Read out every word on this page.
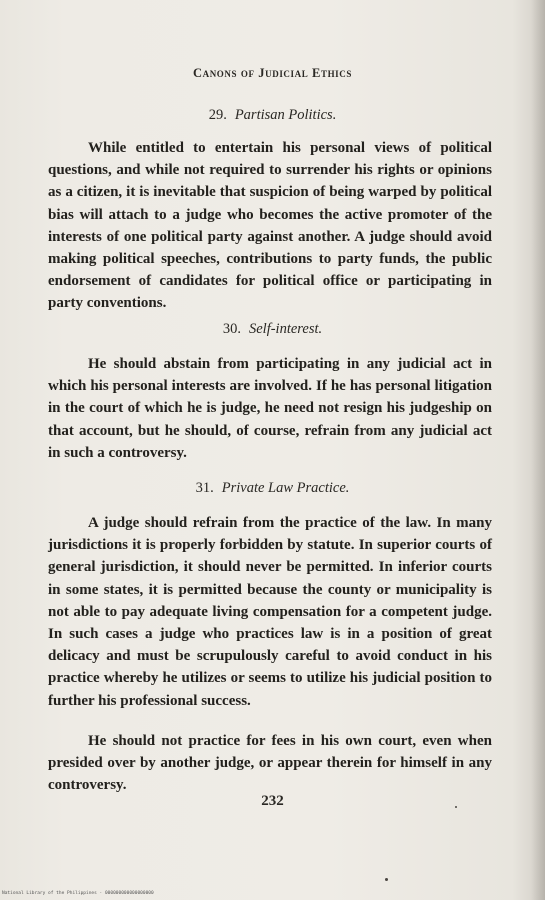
Canons of Judicial Ethics
29. Partisan Politics.

While entitled to entertain his personal views of political questions, and while not required to surrender his rights or opinions as a citizen, it is inevitable that suspicion of being warped by political bias will attach to a judge who becomes the active promoter of the interests of one political party against another. A judge should avoid making political speeches, contributions to party funds, the public endorsement of candidates for political office or participating in party conventions.

30. Self-interest.

He should abstain from participating in any judicial act in which his personal interests are involved. If he has personal litigation in the court of which he is judge, he need not resign his judgeship on that account, but he should, of course, refrain from any judicial act in such a controversy.

31. Private Law Practice.

A judge should refrain from the practice of the law. In many jurisdictions it is properly forbidden by statute. In superior courts of general jurisdiction, it should never be permitted. In inferior courts in some states, it is permitted because the county or municipality is not able to pay adequate living compensation for a competent judge. In such cases a judge who practices law is in a position of great delicacy and must be scrupulously careful to avoid conduct in his practice whereby he utilizes or seems to utilize his judicial position to further his professional success.

He should not practice for fees in his own court, even when presided over by another judge, or appear therein for himself in any controversy.

232
National Library of the Philippines · 000000000000000000
